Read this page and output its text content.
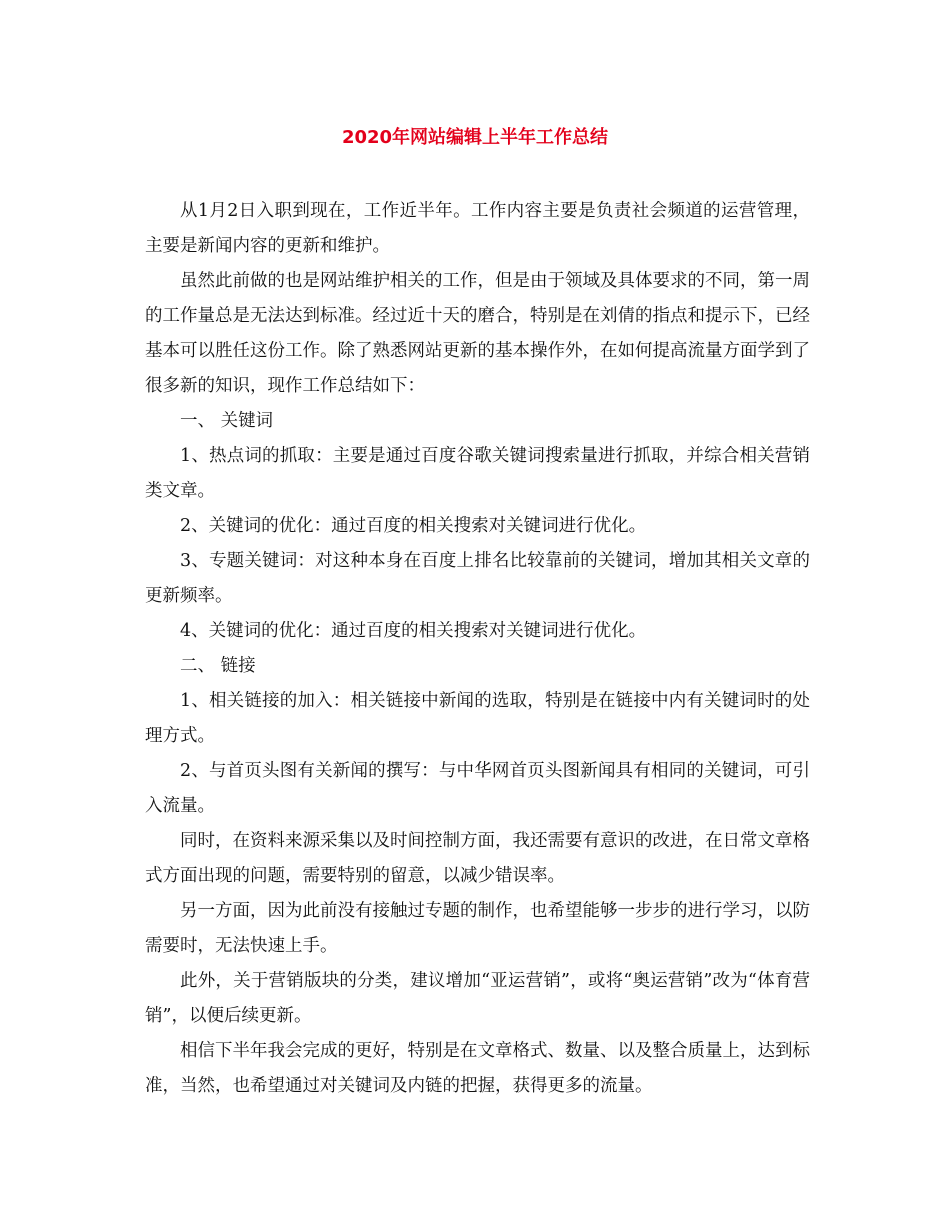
2020年网站编辑上半年工作总结

从1月2日入职到现在，工作近半年。工作内容主要是负责社会频道的运营管理，主要是新闻内容的更新和维护。

虽然此前做的也是网站维护相关的工作，但是由于领域及具体要求的不同，第一周的工作量总是无法达到标准。经过近十天的磨合，特别是在刘倩的指点和提示下，已经基本可以胜任这份工作。除了熟悉网站更新的基本操作外，在如何提高流量方面学到了很多新的知识，现作工作总结如下：

一、 关键词

1、热点词的抓取：主要是通过百度谷歌关键词搜索量进行抓取，并综合相关营销类文章。

2、关键词的优化：通过百度的相关搜索对关键词进行优化。

3、专题关键词：对这种本身在百度上排名比较靠前的关键词，增加其相关文章的更新频率。

4、关键词的优化：通过百度的相关搜索对关键词进行优化。

二、 链接

1、相关链接的加入：相关链接中新闻的选取，特别是在链接中内有关键词时的处理方式。

2、与首页头图有关新闻的撰写：与中华网首页头图新闻具有相同的关键词，可引入流量。

同时，在资料来源采集以及时间控制方面，我还需要有意识的改进，在日常文章格式方面出现的问题，需要特别的留意，以减少错误率。

另一方面，因为此前没有接触过专题的制作，也希望能够一步步的进行学习，以防需要时，无法快速上手。

此外，关于营销版块的分类，建议增加“亚运营销”，或将“奥运营销”改为“体育营销”，以便后续更新。

相信下半年我会完成的更好，特别是在文章格式、数量、以及整合质量上，达到标准，当然，也希望通过对关键词及内链的把握，获得更多的流量。
